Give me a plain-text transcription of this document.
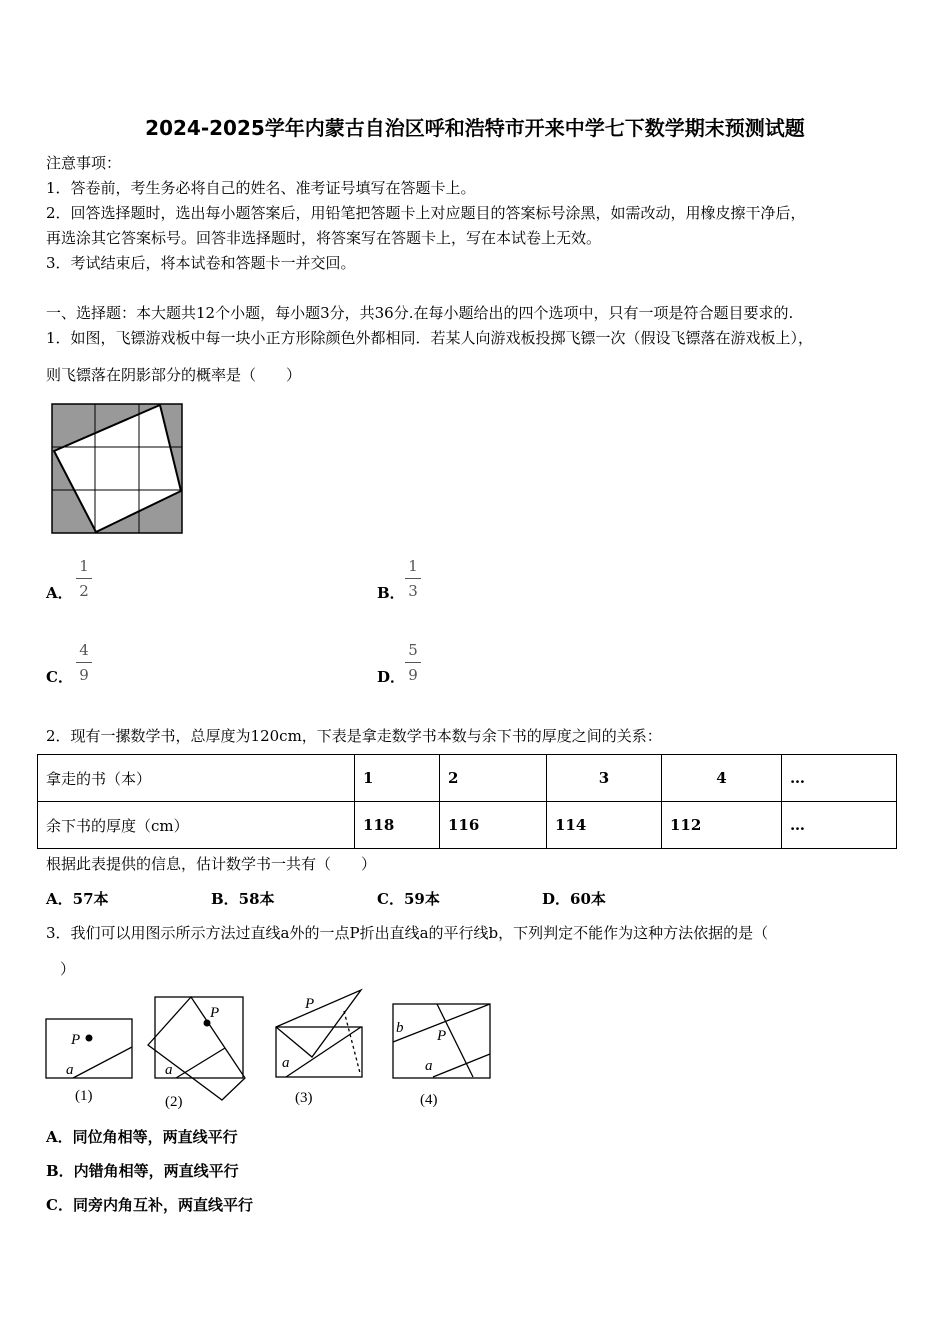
2024-2025学年内蒙古自治区呼和浩特市开来中学七下数学期末预测试题
注意事项：
1．答卷前，考生务必将自己的姓名、准考证号填写在答题卡上。
2．回答选择题时，选出每小题答案后，用铅笔把答题卡上对应题目的答案标号涂黑，如需改动，用橡皮擦干净后，
再选涂其它答案标号。回答非选择题时，将答案写在答题卡上，写在本试卷上无效。
3．考试结束后，将本试卷和答题卡一并交回。
一、选择题：本大题共12个小题，每小题3分，共36分.在每小题给出的四个选项中，只有一项是符合题目要求的.
1．如图，飞镖游戏板中每一块小正方形除颜色外都相同．若某人向游戏板投掷飞镖一次（假设飞镖落在游戏板上），
则飞镖落在阴影部分的概率是（　　）
A．
1
2	B．
1
3
C．
4
9	D．
5
9
2．现有一摞数学书，总厚度为120cm，下表是拿走数学书本数与余下书的厚度之间的关系：
拿走的书（本）	1	2	3	4	…
余下书的厚度（cm）	118	116	114	112	…
根据此表提供的信息，估计数学书一共有（　　）
A．57本	B．58本	C．59本	D．60本
3．我们可以用图示所示方法过直线a外的一点P折出直线a的平行线b，下列判定不能作为这种方法依据的是（
）
P
P
P
P
a	a	a	a
b
(1)	(2)	(3)	(4)
A．同位角相等，两直线平行
B．内错角相等，两直线平行
C．同旁内角互补，两直线平行
